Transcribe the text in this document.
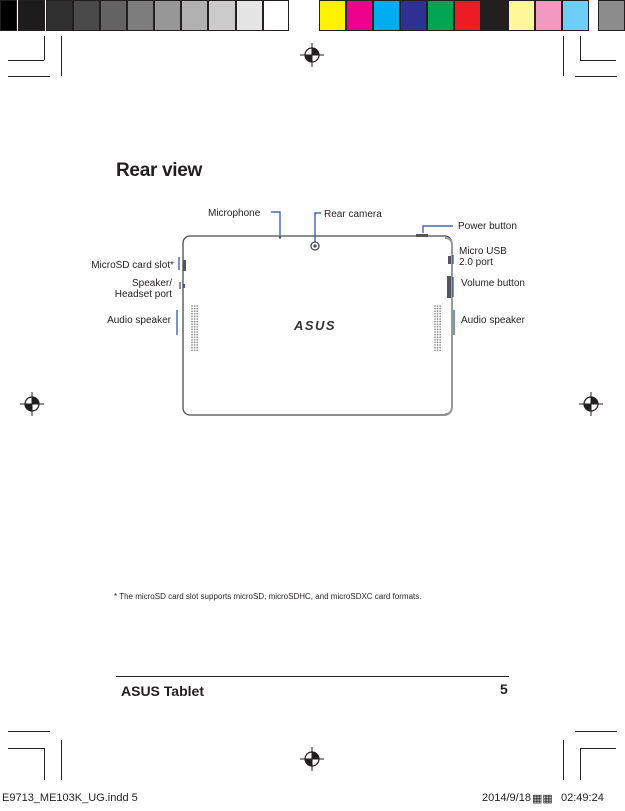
Rear view
ASUS
Microphone	Rear camera
Power button
Micro USB
2.0 port
Volume button
Audio speaker
MicroSD card slot*
Speaker/
Headset port
Audio speaker
* The microSD card slot supports microSD, microSDHC, and microSDXC card formats.
ASUS Tablet	5
E9713_ME103K_UG.indd 5	2014/9/18 ▦▦ 02:49:24
